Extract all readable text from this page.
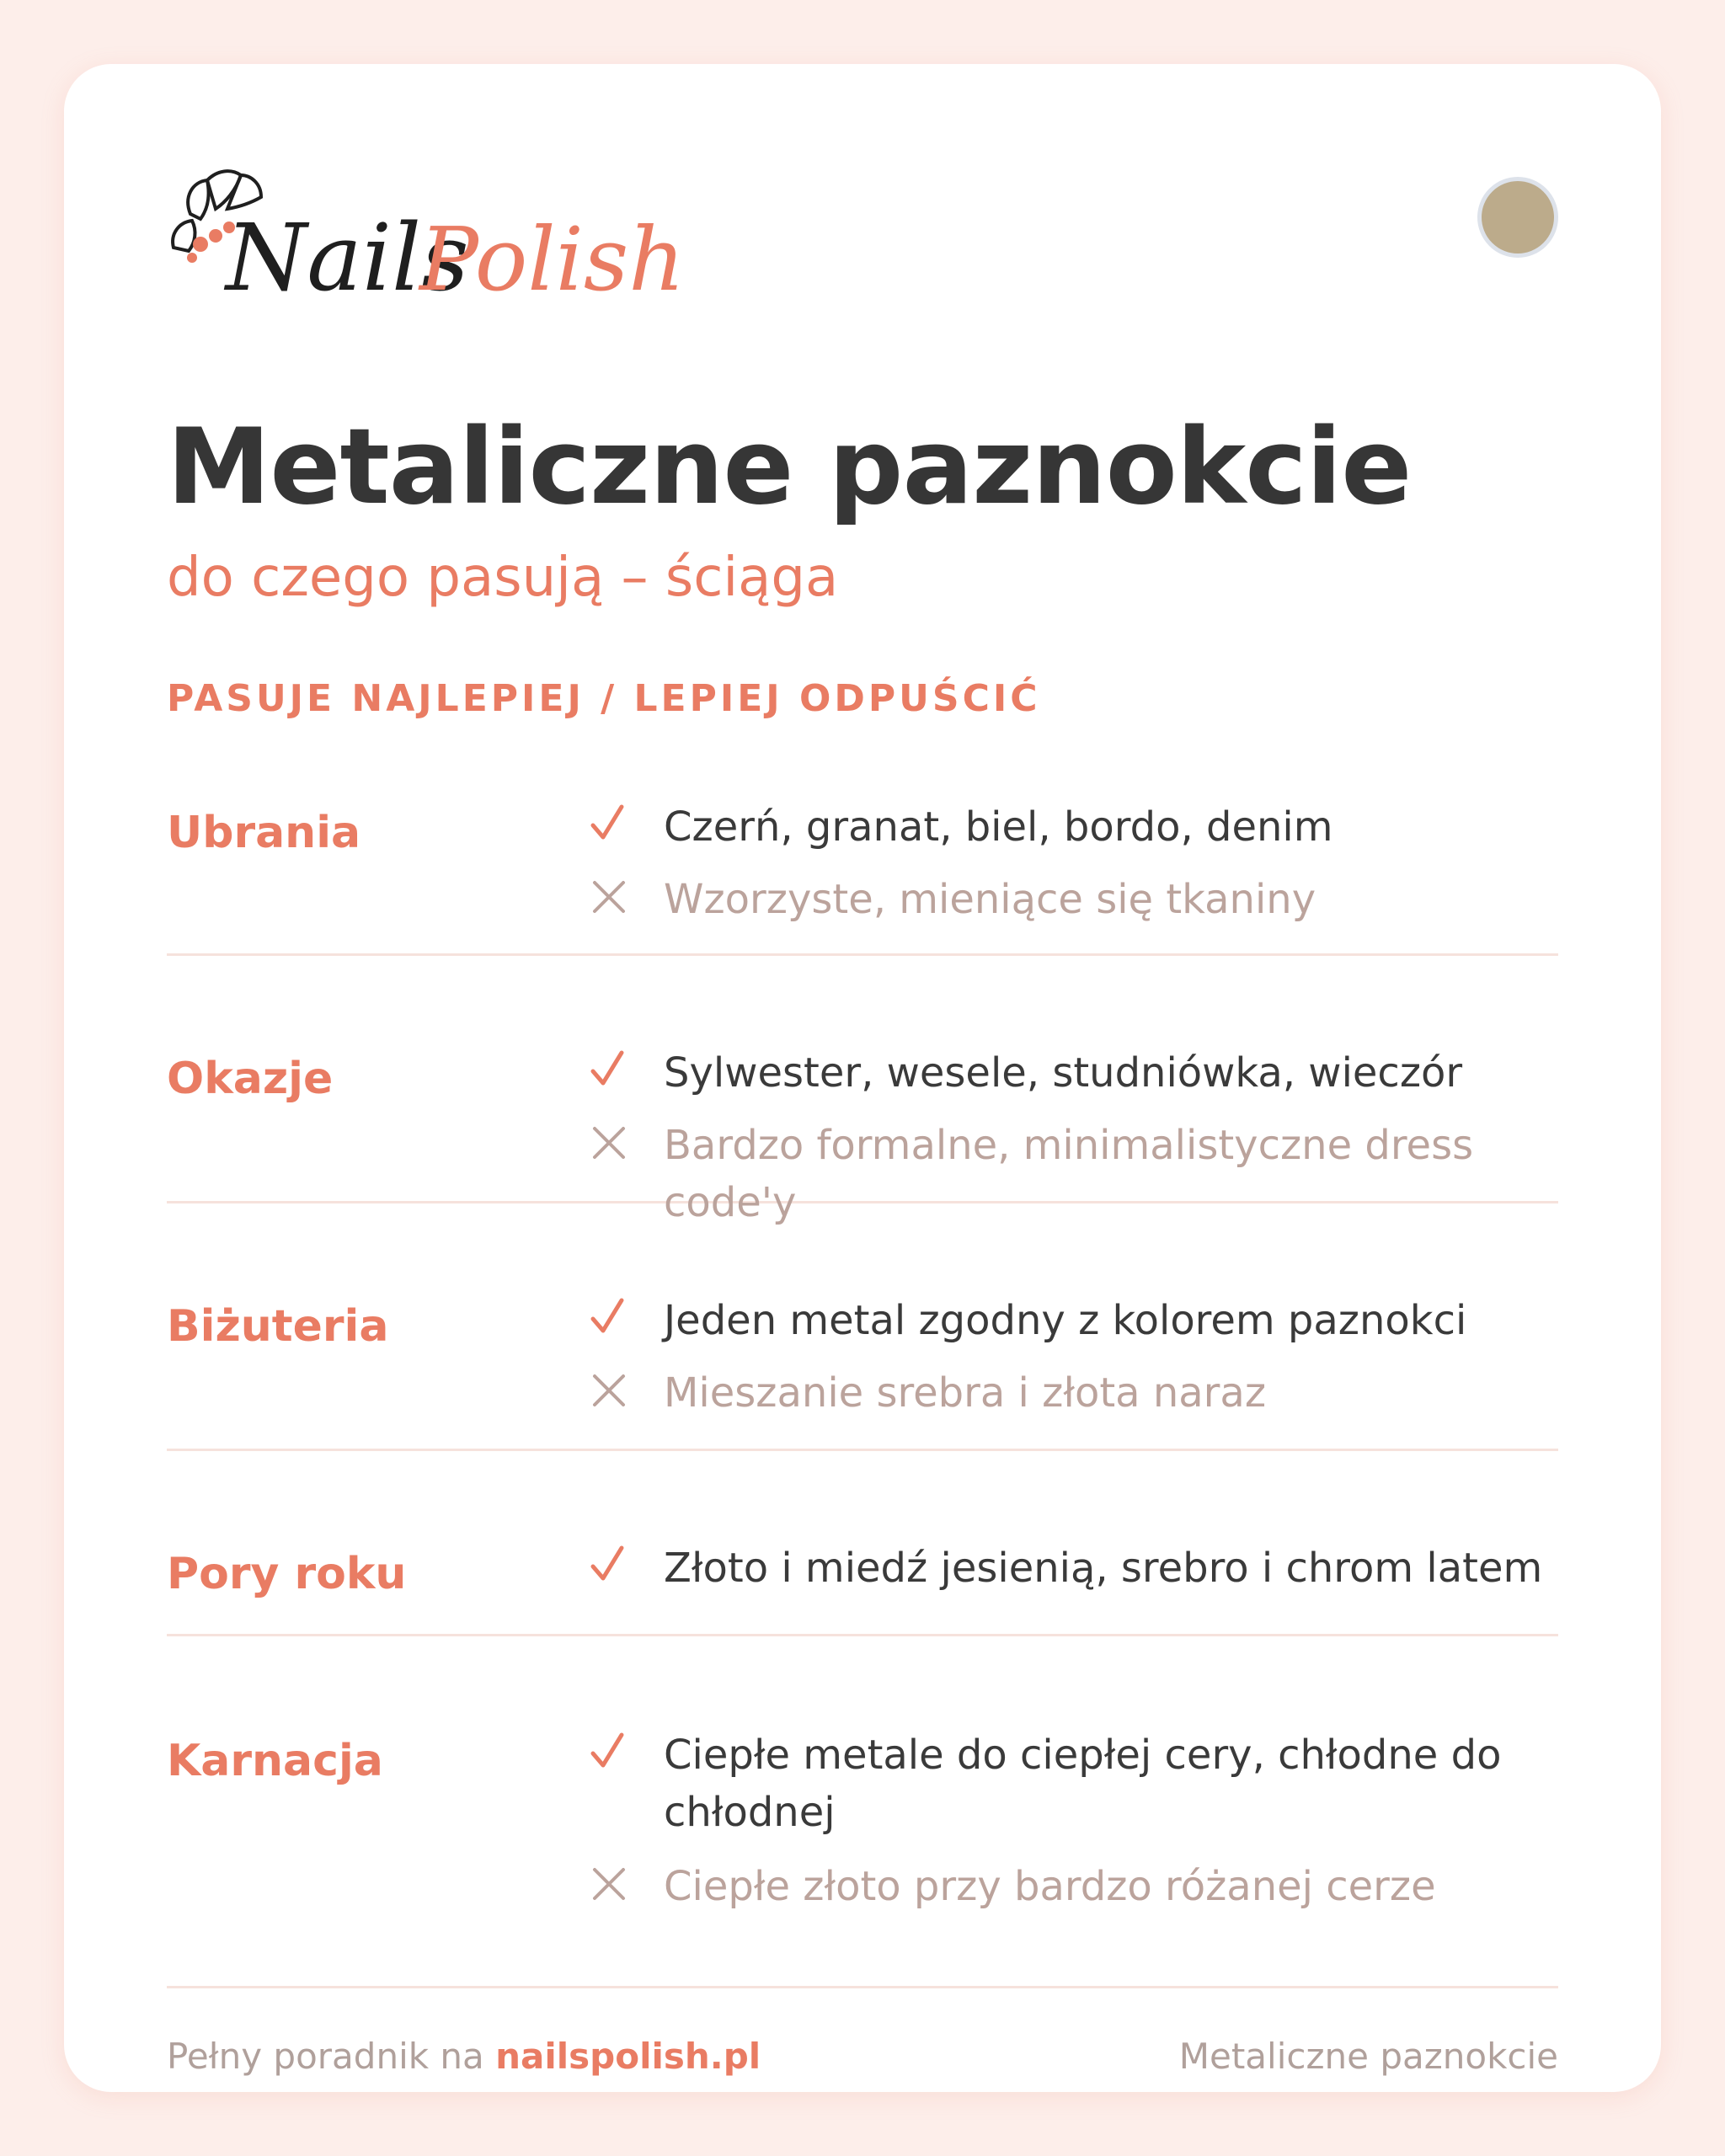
Nails
Polish
Metaliczne paznokcie
do czego pasują – ściąga
PASUJE NAJLEPIEJ / LEPIEJ ODPUŚCIĆ
Ubrania	Czerń, granat, biel, bordo, denim
Wzorzyste, mieniące się tkaniny
Okazje	Sylwester, wesele, studniówka, wieczór
Bardzo formalne, minimalistyczne dress code'y
Biżuteria	Jeden metal zgodny z kolorem paznokci
Mieszanie srebra i złota naraz
Pory roku	Złoto i miedź jesienią, srebro i chrom latem
Karnacja	Ciepłe metale do ciepłej cery, chłodne do chłodnej
Ciepłe złoto przy bardzo różanej cerze
Pełny poradnik na nailspolish.pl	Metaliczne paznokcie
